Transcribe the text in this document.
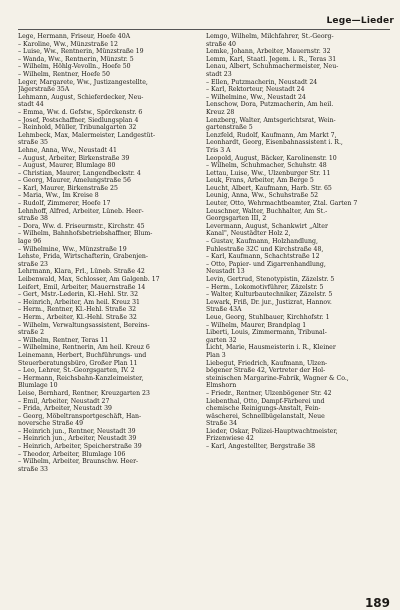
Lege—Lieder
Lege, Hermann, Friseur, Hoefe 40A
– Karoline, Ww., Münzstraße 12
– Luise, Ww., Rentnerin, Münzstraße 19
– Wanda, Ww., Rentnerin, Münzstr. 5
– Wilhelm, Höhlg-Vevolln., Hoefe 50
– Wilhelm, Rentner, Hoefe 50
Leger, Margarete, Ww., Justizangestellte,
Jägerstraße 35A
Lehmann, August, Schieferdecker, Neu-
stadt 44
– Emma, Ww. d. Gefstw., Spörckenstr. 6
– Josef, Postschaffner, Siedlungsplan 4
– Reinhold, Müller, Tribunalgarten 32
Lehmbeck, Max, Malermeister, Landgestüt-
straße 35
Lehne, Anna, Ww., Neustadt 41
– August, Arbeiter, Birkenstraße 39
– August, Maurer, Blumlage 80
– Christian, Maurer, Langendbeckstr. 4
– Georg, Maurer, Amelungstraße 56
– Karl, Maurer, Birkenstraße 25
– Maria, Ww., Im Kreise 8
– Rudolf, Zimmerer, Hoefe 17
Lehnhoff, Alfred, Arbeiter, Lüneb. Heer-
straße 38
– Dora, Ww. d. Friseurmstr., Kirchstr. 45
– Wilhelm, Bahnhofsbetriebshaffner, Blum-
lage 96
– Wilhelmine, Ww., Münzstraße 19
Lehste, Frida, Wirtschafterin, Grabenjen-
straße 23
Lehrmann, Klara, Frl., Lüneb. Straße 42
Leibenwald, Max, Schlosser, Am Galgenb. 17
Leifert, Emil, Arbeiter, Mauernstraße 14
– Gert, Mstr.-Lederin, Kl.-Hehl. Str. 32
– Heinrich, Arbeiter, Am heil. Kreuz 31
– Herm., Rentner, Kl.-Hehl. Straße 32
– Herm., Arbeiter, Kl.-Hehl. Straße 32
– Wilhelm, Verwaltungsassistent, Bereins-
straße 2
– Wilhelm, Rentner, Teras 11
– Wilhelmine, Rentnerin, Am heil. Kreuz 6
Leinemann, Herbert, Buchführungs- und
Steuerberatungsbüro, Großer Plan 11
– Leo, Lehrer, St.-Georgsgarten, IV. 2
– Hermann, Reichsbahn-Kanzleimeister,
Blumlage 10
Leise, Bernhard, Rentner, Kreuzgarten 23
– Emil, Arbeiter, Neustadt 27
– Frida, Arbeiter, Neustadt 39
– Georg, Möbeltransportgeschäft, Han-
noversche Straße 49
– Heinrich jun., Rentner, Neustadt 39
– Heinrich jun., Arbeiter, Neustadt 39
– Heinrich, Arbeiter, Speicherstraße 39
– Theodor, Arbeiter, Blumlage 106
– Wilhelm, Arbeiter, Braunschw. Heer-
straße 33
Lemgo, Wilhelm, Milchfahrer, St.-Georg-
straße 40
Lemke, Johann, Arbeiter, Mauernstr. 32
Lemm, Karl, Staatl. Jegem. i. R., Teras 31
Lenau, Albert, Schuhmachermeister, Neu-
stadt 23
– Ellen, Putzmacherin, Neustadt 24
– Karl, Rektorteur, Neustadt 24
– Wilhelmine, Ww., Neustadt 24
Lenschow, Dora, Putzmacherin, Am heil.
Kreuz 28
Lenzberg, Walter, Amtsgerichtsrat, Wein-
gartenstraße 5
Lenzfeld, Rudolf, Kaufmann, Am Markt 7,
Leonhardt, Georg, Eisenbahnassistent i. R.,
Tris 3 A
Leopold, August, Bäcker, Karolinenstr. 10
– Wilhelm, Schuhmacher, Schuhstr. 48
Lettau, Luise, Ww., Ülzenburger Str. 11
Leuk, Frans, Arbeiter, Am Berge 5
Leucht, Albert, Kaufmann, Harb. Str. 65
Leunig, Anna, Ww., Schuhstraße 52
Leuter, Otto, Wehrmachtbeamter, Ztal. Garten 7
Leuschner, Walter, Buchhalter, Am St.-
Georgsgarten III, 2
Levermann, August, Schankwirt „Alter
Kanal", Neustädter Holz 2,
– Gustav, Kaufmann, Holzhandlung,
Fuhlestraße 32C und Kirchstraße 48,
– Karl, Kaufmann, Schachtstraße 12
– Otto, Papier- und Zigarrenhandlung,
Neustadt 13
Levin, Gertrud, Stenotypistin, Zäzelstr. 5
– Herm., Lokomotivführer, Zäzelstr. 5
– Walter, Kulturbautechniker, Zäzelstr. 5
Lewark, Friß, Dr. jur., Justizrat, Hannov.
Straße 43A
Leue, Georg, Stuhlbauer, Kirchhofstr. 1
– Wilhelm, Maurer, Brandplag 1
Liberti, Louis, Zimmermann, Tribunal-
garten 32
Licht, Marie, Hausmeisterin i. R., Kleiner
Plan 3
Liebegut, Friedrich, Kaufmann, Ülzen-
bögener Straße 42, Vertreter der Hol-
steinischen Margarine-Fabrik, Wagner & Co.,
Elmshorn
– Friedr., Rentner, Ülzenbögener Str. 42
Liebenthal, Otto, Dampf-Färberei und
chemische Reinigungs-Anstalt, Fein-
wäscherei, Schnellbügelanstalt, Neue
Straße 34
Lieder, Oskar, Polizei-Hauptwachtmeister,
Frizenwiese 42
– Karl, Angestellter, Bergstraße 38
189
